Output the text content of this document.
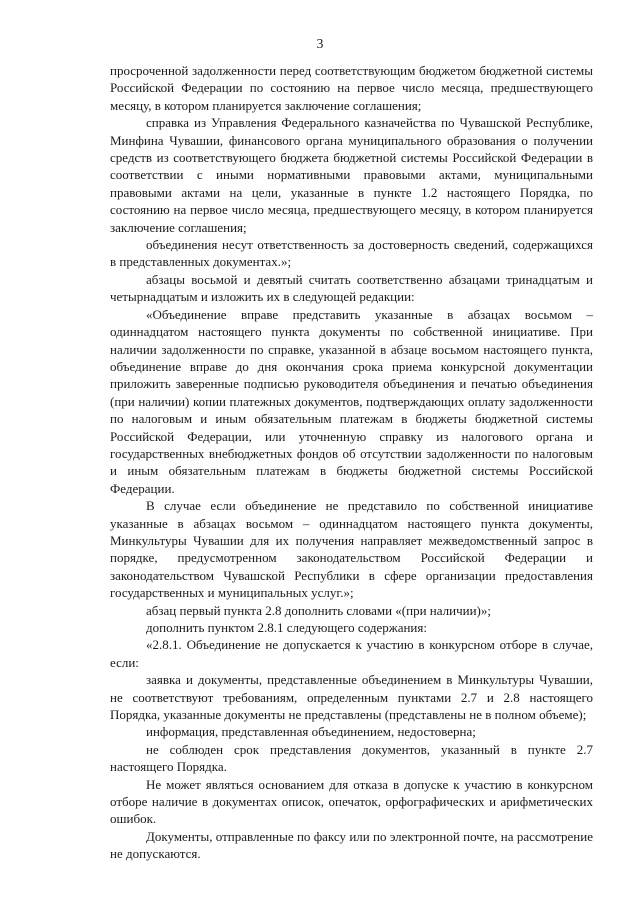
3

просроченной задолженности перед соответствующим бюджетом бюджетной системы Российской Федерации по состоянию на первое число месяца, предшествующего месяцу, в котором планируется заключение соглашения;

справка из Управления Федерального казначейства по Чувашской Республике, Минфина Чувашии, финансового органа муниципального образования о получении средств из соответствующего бюджета бюджетной системы Российской Федерации в соответствии с иными нормативными правовыми актами, муниципальными правовыми актами на цели, указанные в пункте 1.2 настоящего Порядка, по состоянию на первое число месяца, предшествующего месяцу, в котором планируется заключение соглашения;

объединения несут ответственность за достоверность сведений, содержащихся в представленных документах.»;

абзацы восьмой и девятый считать соответственно абзацами тринадцатым и четырнадцатым и изложить их в следующей редакции:

«Объединение вправе представить указанные в абзацах восьмом – одиннадцатом настоящего пункта документы по собственной инициативе. При наличии задолженности по справке, указанной в абзаце восьмом настоящего пункта, объединение вправе до дня окончания срока приема конкурсной документации приложить заверенные подписью руководителя объединения и печатью объединения (при наличии) копии платежных документов, подтверждающих оплату задолженности по налоговым и иным обязательным платежам в бюджеты бюджетной системы Российской Федерации, или уточненную справку из налогового органа и государственных внебюджетных фондов об отсутствии задолженности по налоговым и иным обязательным платежам в бюджеты бюджетной системы Российской Федерации.

В случае если объединение не представило по собственной инициативе указанные в абзацах восьмом – одиннадцатом настоящего пункта документы, Минкультуры Чувашии для их получения направляет межведомственный запрос в порядке, предусмотренном законодательством Российской Федерации и законодательством Чувашской Республики в сфере организации предоставления государственных и муниципальных услуг.»;

абзац первый пункта 2.8 дополнить словами «(при наличии)»;

дополнить пунктом 2.8.1 следующего содержания:

«2.8.1. Объединение не допускается к участию в конкурсном отборе в случае, если:

заявка и документы, представленные объединением в Минкультуры Чувашии, не соответствуют требованиям, определенным пунктами 2.7 и 2.8 настоящего Порядка, указанные документы не представлены (представлены не в полном объеме);

информация, представленная объединением, недостоверна;

не соблюден срок представления документов, указанный в пункте 2.7 настоящего Порядка.

Не может являться основанием для отказа в допуске к участию в конкурсном отборе наличие в документах описок, опечаток, орфографических и арифметических ошибок.

Документы, отправленные по факсу или по электронной почте, на рассмотрение не допускаются.
